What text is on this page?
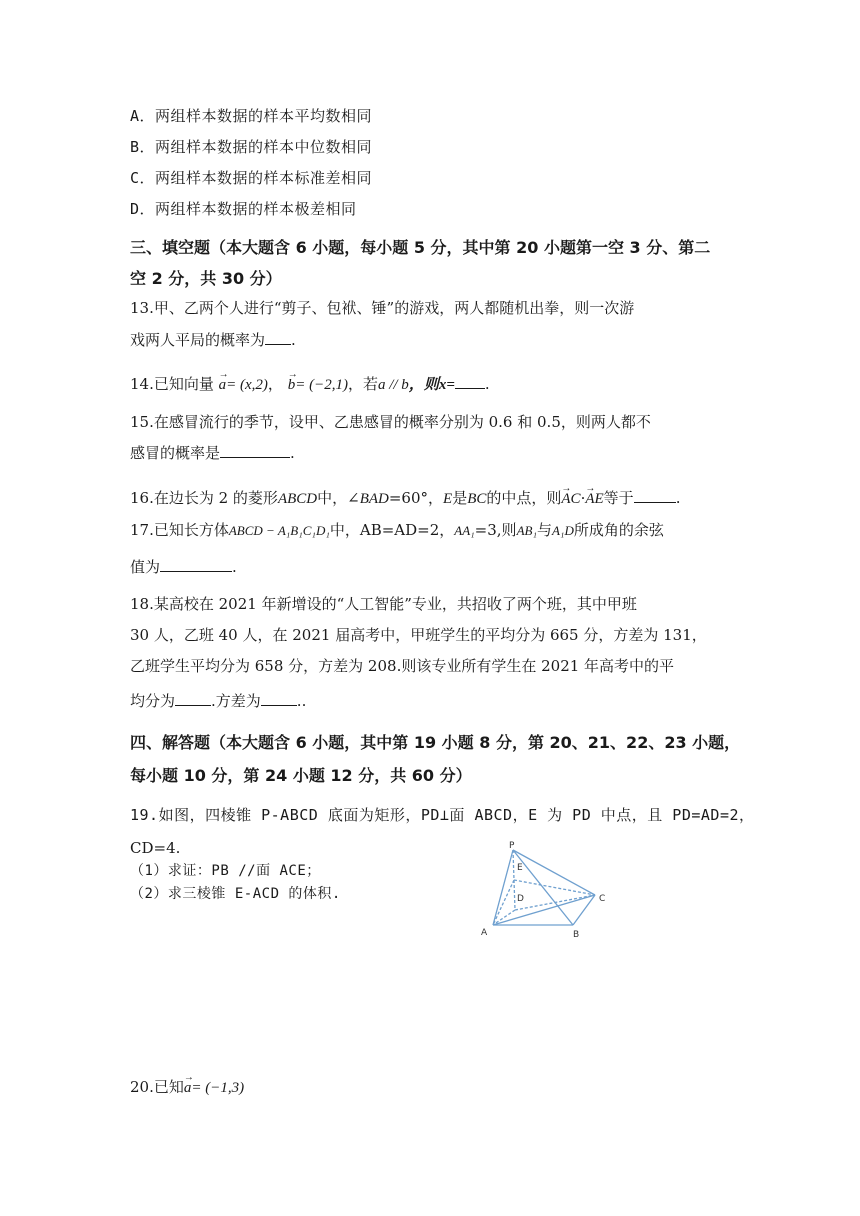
A．两组样本数据的样本平均数相同
B．两组样本数据的样本中位数相同
C．两组样本数据的样本标准差相同
D．两组样本数据的样本极差相同
三、填空题（本大题含 6 小题，每小题 5 分，其中第 20 小题第一空 3 分、第二
空 2 分，共 30 分）
13.甲、乙两个人进行“剪子、包袱、锤”的游戏，两人都随机出拳，则一次游
戏两人平局的概率为 .
14.已知向量 → a= (x,2)， → b= (−2,1)，若a // b，则x= .
15.在感冒流行的季节，设甲、乙患感冒的概率分别为 0.6 和 0.5，则两人都不
感冒的概率是	.
16.在边长为 2 的菱形ABCD中，∠BAD=60°，E是BC的中点，则→ AC·→ AE等于	.
17.已知长方体ABCD − A₁B₁C₁D₁中，AB=AD=2，AA₁=3,则AB₁与A₁D所成角的余弦
值为	.
18.某高校在 2021 年新增设的“人工智能”专业，共招收了两个班，其中甲班
30 人，乙班 40 人，在 2021 届高考中，甲班学生的平均分为 665 分，方差为 131，
乙班学生平均分为 658 分，方差为 208.则该专业所有学生在 2021 年高考中的平
均分为 .方差为 ..
四、解答题（本大题含 6 小题，其中第 19 小题 8 分，第 20、21、22、23 小题，
每小题 10 分，第 24 小题 12 分，共 60 分）
19.如图，四棱锥 P-ABCD 底面为矩形，PD⊥面 ABCD，E 为 PD 中点，且 PD=AD=2，
CD=4.
（1）求证：PB //面 ACE；
（2）求三棱锥 E-ACD 的体积.
P
E
D	C
A	B
20.已知→ a= (−1,3)
